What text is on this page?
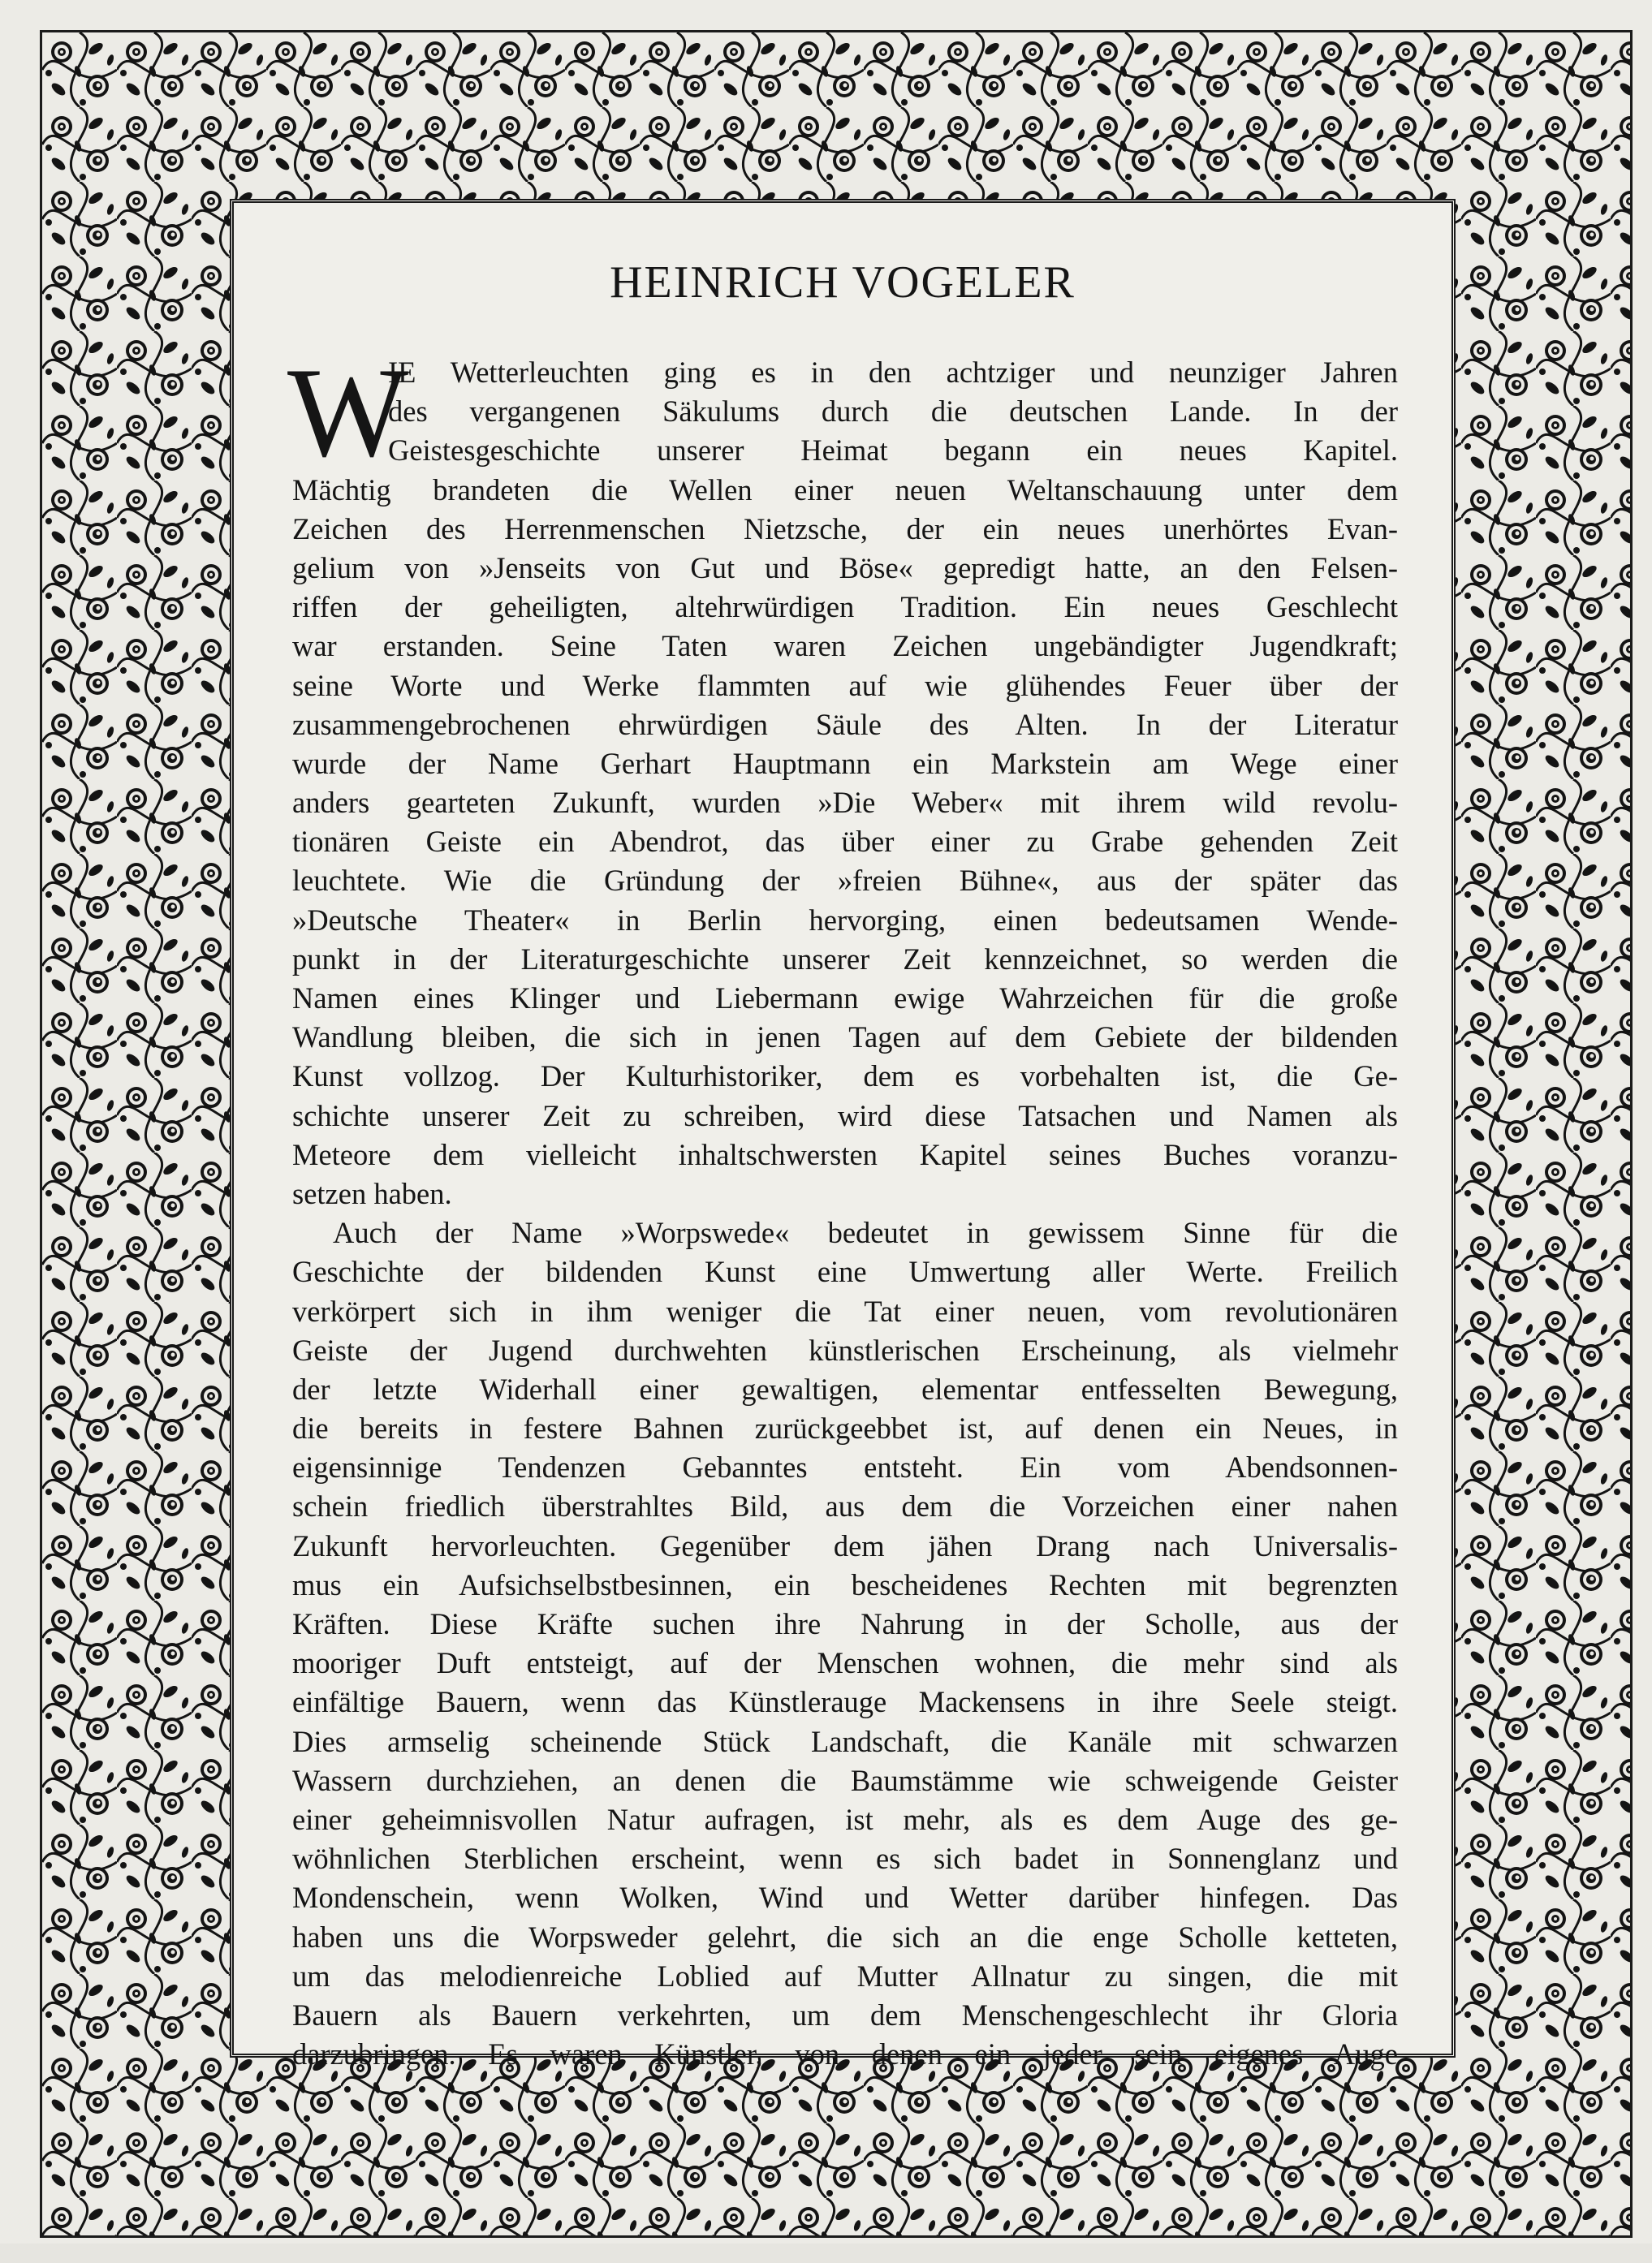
HEINRICH VOGELER
W
IE Wetterleuchten ging es in den achtziger und neunziger Jahren
des vergangenen Säkulums durch die deutschen Lande. In der
Geistesgeschichte unserer Heimat begann ein neues Kapitel.
Mächtig brandeten die Wellen einer neuen Weltanschauung unter dem
Zeichen des Herrenmenschen Nietzsche, der ein neues unerhörtes Evan-
gelium von »Jenseits von Gut und Böse« gepredigt hatte, an den Felsen-
riffen der geheiligten, altehrwürdigen Tradition. Ein neues Geschlecht
war erstanden. Seine Taten waren Zeichen ungebändigter Jugendkraft;
seine Worte und Werke flammten auf wie glühendes Feuer über der
zusammengebrochenen ehrwürdigen Säule des Alten. In der Literatur
wurde der Name Gerhart Hauptmann ein Markstein am Wege einer
anders gearteten Zukunft, wurden »Die Weber« mit ihrem wild revolu-
tionären Geiste ein Abendrot, das über einer zu Grabe gehenden Zeit
leuchtete. Wie die Gründung der »freien Bühne«, aus der später das
»Deutsche Theater« in Berlin hervorging, einen bedeutsamen Wende-
punkt in der Literaturgeschichte unserer Zeit kennzeichnet, so werden die
Namen eines Klinger und Liebermann ewige Wahrzeichen für die große
Wandlung bleiben, die sich in jenen Tagen auf dem Gebiete der bildenden
Kunst vollzog. Der Kulturhistoriker, dem es vorbehalten ist, die Ge-
schichte unserer Zeit zu schreiben, wird diese Tatsachen und Namen als
Meteore dem vielleicht inhaltschwersten Kapitel seines Buches voranzu-
setzen haben.
Auch der Name »Worpswede« bedeutet in gewissem Sinne für die
Geschichte der bildenden Kunst eine Umwertung aller Werte. Freilich
verkörpert sich in ihm weniger die Tat einer neuen, vom revolutionären
Geiste der Jugend durchwehten künstlerischen Erscheinung, als vielmehr
der letzte Widerhall einer gewaltigen, elementar entfesselten Bewegung,
die bereits in festere Bahnen zurückgeebbet ist, auf denen ein Neues, in
eigensinnige Tendenzen Gebanntes entsteht. Ein vom Abendsonnen-
schein friedlich überstrahltes Bild, aus dem die Vorzeichen einer nahen
Zukunft hervorleuchten. Gegenüber dem jähen Drang nach Universalis-
mus ein Aufsichselbstbesinnen, ein bescheidenes Rechten mit begrenzten
Kräften. Diese Kräfte suchen ihre Nahrung in der Scholle, aus der
mooriger Duft entsteigt, auf der Menschen wohnen, die mehr sind als
einfältige Bauern, wenn das Künstlerauge Mackensens in ihre Seele steigt.
Dies armselig scheinende Stück Landschaft, die Kanäle mit schwarzen
Wassern durchziehen, an denen die Baumstämme wie schweigende Geister
einer geheimnisvollen Natur aufragen, ist mehr, als es dem Auge des ge-
wöhnlichen Sterblichen erscheint, wenn es sich badet in Sonnenglanz und
Mondenschein, wenn Wolken, Wind und Wetter darüber hinfegen. Das
haben uns die Worpsweder gelehrt, die sich an die enge Scholle ketteten,
um das melodienreiche Loblied auf Mutter Allnatur zu singen, die mit
Bauern als Bauern verkehrten, um dem Menschengeschlecht ihr Gloria
darzubringen. Es waren Künstler, von denen ein jeder sein eigenes Auge
